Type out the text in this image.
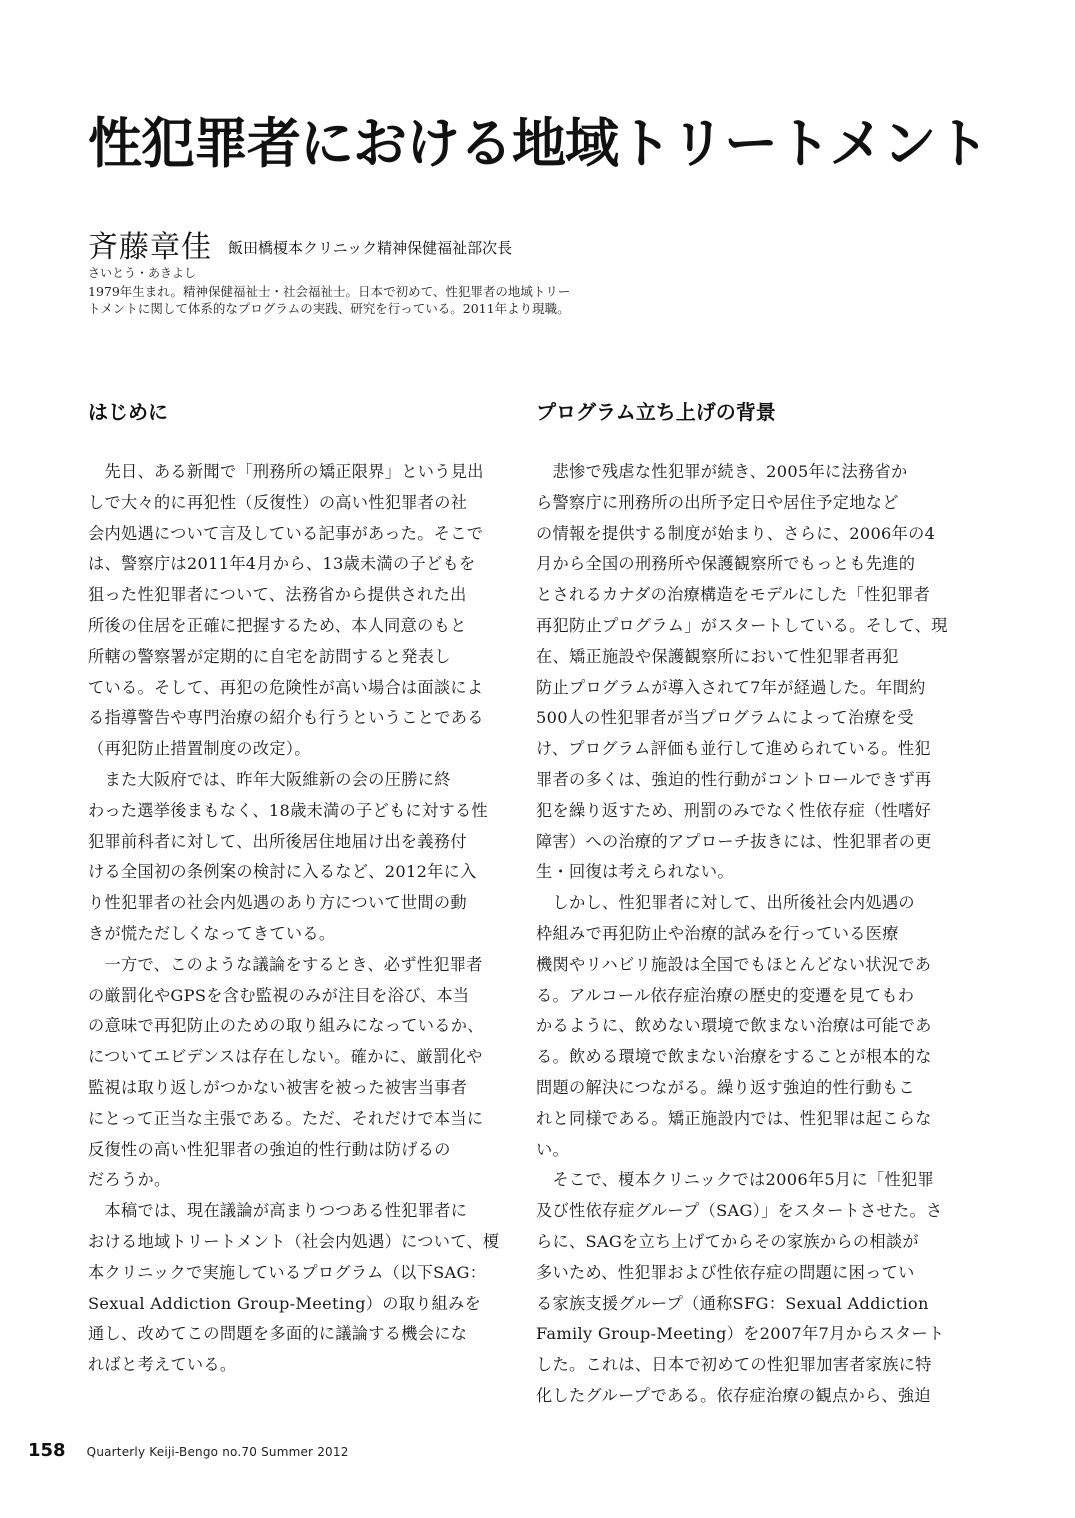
性犯罪者における地域トリートメント
斉藤章佳 飯田橋榎本クリニック精神保健福祉部次長
さいとう・あきよし
1979年生まれ。精神保健福祉士・社会福祉士。日本で初めて、性犯罪者の地域トリー
トメントに関して体系的なプログラムの実践、研究を行っている。2011年より現職。
はじめに
　先日、ある新聞で「刑務所の矯正限界」という見出
しで大々的に再犯性（反復性）の高い性犯罪者の社
会内処遇について言及している記事があった。そこで
は、警察庁は2011年4月から、13歳未満の子どもを
狙った性犯罪者について、法務省から提供された出
所後の住居を正確に把握するため、本人同意のもと
所轄の警察署が定期的に自宅を訪問すると発表し
ている。そして、再犯の危険性が高い場合は面談によ
る指導警告や専門治療の紹介も行うということである
（再犯防止措置制度の改定）。
　また大阪府では、昨年大阪維新の会の圧勝に終
わった選挙後まもなく、18歳未満の子どもに対する性
犯罪前科者に対して、出所後居住地届け出を義務付
ける全国初の条例案の検討に入るなど、2012年に入
り性犯罪者の社会内処遇のあり方について世間の動
きが慌ただしくなってきている。
　一方で、このような議論をするとき、必ず性犯罪者
の厳罰化やGPSを含む監視のみが注目を浴び、本当
の意味で再犯防止のための取り組みになっているか、
についてエビデンスは存在しない。確かに、厳罰化や
監視は取り返しがつかない被害を被った被害当事者
にとって正当な主張である。ただ、それだけで本当に
反復性の高い性犯罪者の強迫的性行動は防げるの
だろうか。
　本稿では、現在議論が高まりつつある性犯罪者に
おける地域トリートメント（社会内処遇）について、榎
本クリニックで実施しているプログラム（以下SAG：
Sexual Addiction Group-Meeting）の取り組みを
通し、改めてこの問題を多面的に議論する機会にな
ればと考えている。
プログラム立ち上げの背景
　悲惨で残虐な性犯罪が続き、2005年に法務省か
ら警察庁に刑務所の出所予定日や居住予定地など
の情報を提供する制度が始まり、さらに、2006年の4
月から全国の刑務所や保護観察所でもっとも先進的
とされるカナダの治療構造をモデルにした「性犯罪者
再犯防止プログラム」がスタートしている。そして、現
在、矯正施設や保護観察所において性犯罪者再犯
防止プログラムが導入されて7年が経過した。年間約
500人の性犯罪者が当プログラムによって治療を受
け、プログラム評価も並行して進められている。性犯
罪者の多くは、強迫的性行動がコントロールできず再
犯を繰り返すため、刑罰のみでなく性依存症（性嗜好
障害）への治療的アプローチ抜きには、性犯罪者の更
生・回復は考えられない。
　しかし、性犯罪者に対して、出所後社会内処遇の
枠組みで再犯防止や治療的試みを行っている医療
機関やリハビリ施設は全国でもほとんどない状況であ
る。アルコール依存症治療の歴史的変遷を見てもわ
かるように、飲めない環境で飲まない治療は可能であ
る。飲める環境で飲まない治療をすることが根本的な
問題の解決につながる。繰り返す強迫的性行動もこ
れと同様である。矯正施設内では、性犯罪は起こらな
い。
　そこで、榎本クリニックでは2006年5月に「性犯罪
及び性依存症グループ（SAG）」をスタートさせた。さ
らに、SAGを立ち上げてからその家族からの相談が
多いため、性犯罪および性依存症の問題に困ってい
る家族支援グループ（通称SFG：Sexual Addiction
Family Group-Meeting）を2007年7月からスタート
した。これは、日本で初めての性犯罪加害者家族に特
化したグループである。依存症治療の観点から、強迫
158 Quarterly Keiji-Bengo no.70 Summer 2012
